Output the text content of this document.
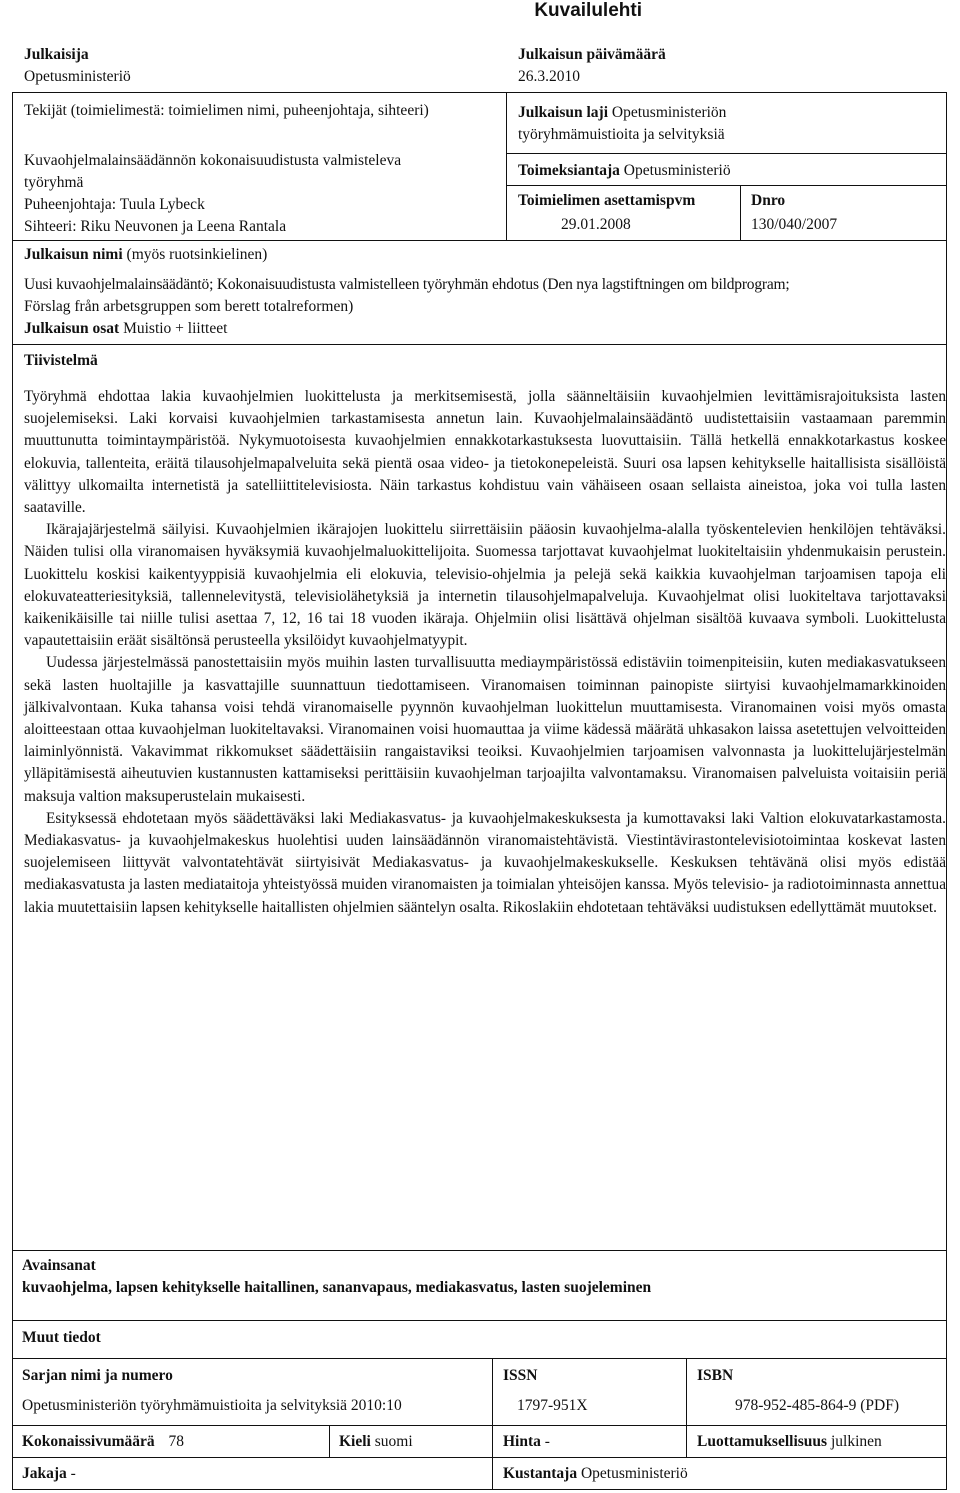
Kuvailulehti
Julkaisija
Opetusministeriö
Julkaisun päivämäärä
26.3.2010
Tekijät (toimielimestä: toimielimen nimi, puheenjohtaja, sihteeri)
Kuvaohjelmalainsäädännön kokonaisuudistusta valmisteleva
työryhmä
Puheenjohtaja: Tuula Lybeck
Sihteeri: Riku Neuvonen ja Leena Rantala
Julkaisun laji Opetusministeriön
työryhmämuistioita ja selvityksiä
Toimeksiantaja Opetusministeriö
Toimielimen asettamispvm
29.01.2008
Dnro
130/040/2007
Julkaisun nimi (myös ruotsinkielinen)
Uusi kuvaohjelmalainsäädäntö; Kokonaisuudistusta valmistelleen työryhmän ehdotus (Den nya lagstiftningen om bildprogram;
Förslag från arbetsgruppen som berett totalreformen)
Julkaisun osat Muistio + liitteet
Tiivistelmä

Työryhmä ehdottaa lakia kuvaohjelmien luokittelusta ja merkitsemisestä, jolla säänneltäisiin kuvaohjelmien levittämisrajoituksista lasten suojelemiseksi. Laki korvaisi kuvaohjelmien tarkastamisesta annetun lain. Kuvaohjelmalainsäädäntö uudistettaisiin vastaamaan paremmin muuttunutta toimintaympäristöä. Nykymuotoisesta kuvaohjelmien ennakkotarkastuksesta luovuttaisiin. Tällä hetkellä ennakkotarkastus koskee elokuvia, tallenteita, eräitä tilausohjelmapalveluita sekä pientä osaa video- ja tietokonepeleistä. Suuri osa lapsen kehitykselle haitallisista sisällöistä välittyy ulkomailta internetistä ja satelliittitelevisiosta. Näin tarkastus kohdistuu vain vähäiseen osaan sellaista aineistoa, joka voi tulla lasten saataville.

Ikärajajärjestelmä säilyisi. Kuvaohjelmien ikärajojen luokittelu siirrettäisiin pääosin kuvaohjelma-alalla työskentelevien henkilöjen tehtäväksi. Näiden tulisi olla viranomaisen hyväksymiä kuvaohjelmaluokittelijoita. Suomessa tarjottavat kuvaohjelmat luokiteltaisiin yhdenmukaisin perustein. Luokittelu koskisi kaikentyyppisiä kuvaohjelmia eli elokuvia, televisio-ohjelmia ja pelejä sekä kaikkia kuvaohjelman tarjoamisen tapoja eli elokuvateatteriesityksiä, tallennelevitystä, televisiolähetyksiä ja internetin tilausohjelmapalveluja. Kuvaohjelmat olisi luokiteltava tarjottavaksi kaikenikäisille tai niille tulisi asettaa 7, 12, 16 tai 18 vuoden ikäraja. Ohjelmiin olisi lisättävä ohjelman sisältöä kuvaava symboli. Luokittelusta vapautettaisiin eräät sisältönsä perusteella yksilöidyt kuvaohjelmatyypit.

Uudessa järjestelmässä panostettaisiin myös muihin lasten turvallisuutta mediaympäristössä edistäviin toimenpiteisiin, kuten mediakasvatukseen sekä lasten huoltajille ja kasvattajille suunnattuun tiedottamiseen. Viranomaisen toiminnan painopiste siirtyisi kuvaohjelmamarkkinoiden jälkivalvontaan. Kuka tahansa voisi tehdä viranomaiselle pyynnön kuvaohjelman luokittelun muuttamisesta. Viranomainen voisi myös omasta aloitteestaan ottaa kuvaohjelman luokiteltavaksi. Viranomainen voisi huomauttaa ja viime kädessä määrätä uhkasakon laissa asetettujen velvoitteiden laiminlyönnistä. Vakavimmat rikkomukset säädettäisiin rangaistaviksi teoiksi. Kuvaohjelmien tarjoamisen valvonnasta ja luokittelujärjestelmän ylläpitämisestä aiheutuvien kustannusten kattamiseksi perittäisiin kuvaohjelman tarjoajilta valvontamaksu. Viranomaisen palveluista voitaisiin periä maksuja valtion maksuperustelain mukaisesti.

Esityksessä ehdotetaan myös säädettäväksi laki Mediakasvatus- ja kuvaohjelmakeskuksesta ja kumottavaksi laki Valtion elokuvatarkastamosta. Mediakasvatus- ja kuvaohjelmakeskus huolehtisi uuden lainsäädännön viranomaistehtävistä. Viestintävirastontelevisiotoimintaa koskevat lasten suojelemiseen liittyvät valvontatehtävät siirtyisivät Mediakasvatus- ja kuvaohjelmakeskukselle. Keskuksen tehtävänä olisi myös edistää mediakasvatusta ja lasten mediataitoja yhteistyössä muiden viranomaisten ja toimialan yhteisöjen kanssa. Myös televisio- ja radiotoiminnasta annettua lakia muutettaisiin lapsen kehitykselle haitallisten ohjelmien sääntelyn osalta. Rikoslakiin ehdotetaan tehtäväksi uudistuksen edellyttämät muutokset.

Avainsanat
kuvaohjelma, lapsen kehitykselle haitallinen, sananvapaus, mediakasvatus, lasten suojeleminen
Muut tiedot
Sarjan nimi ja numero
Opetusministeriön työryhmämuistioita ja selvityksiä 2010:10
ISSN
1797-951X
ISBN
978-952-485-864-9 (PDF)
Kokonaissivumäärä 78	Kieli suomi	Hinta -	Luottamuksellisuus julkinen
Jakaja -	Kustantaja Opetusministeriö
